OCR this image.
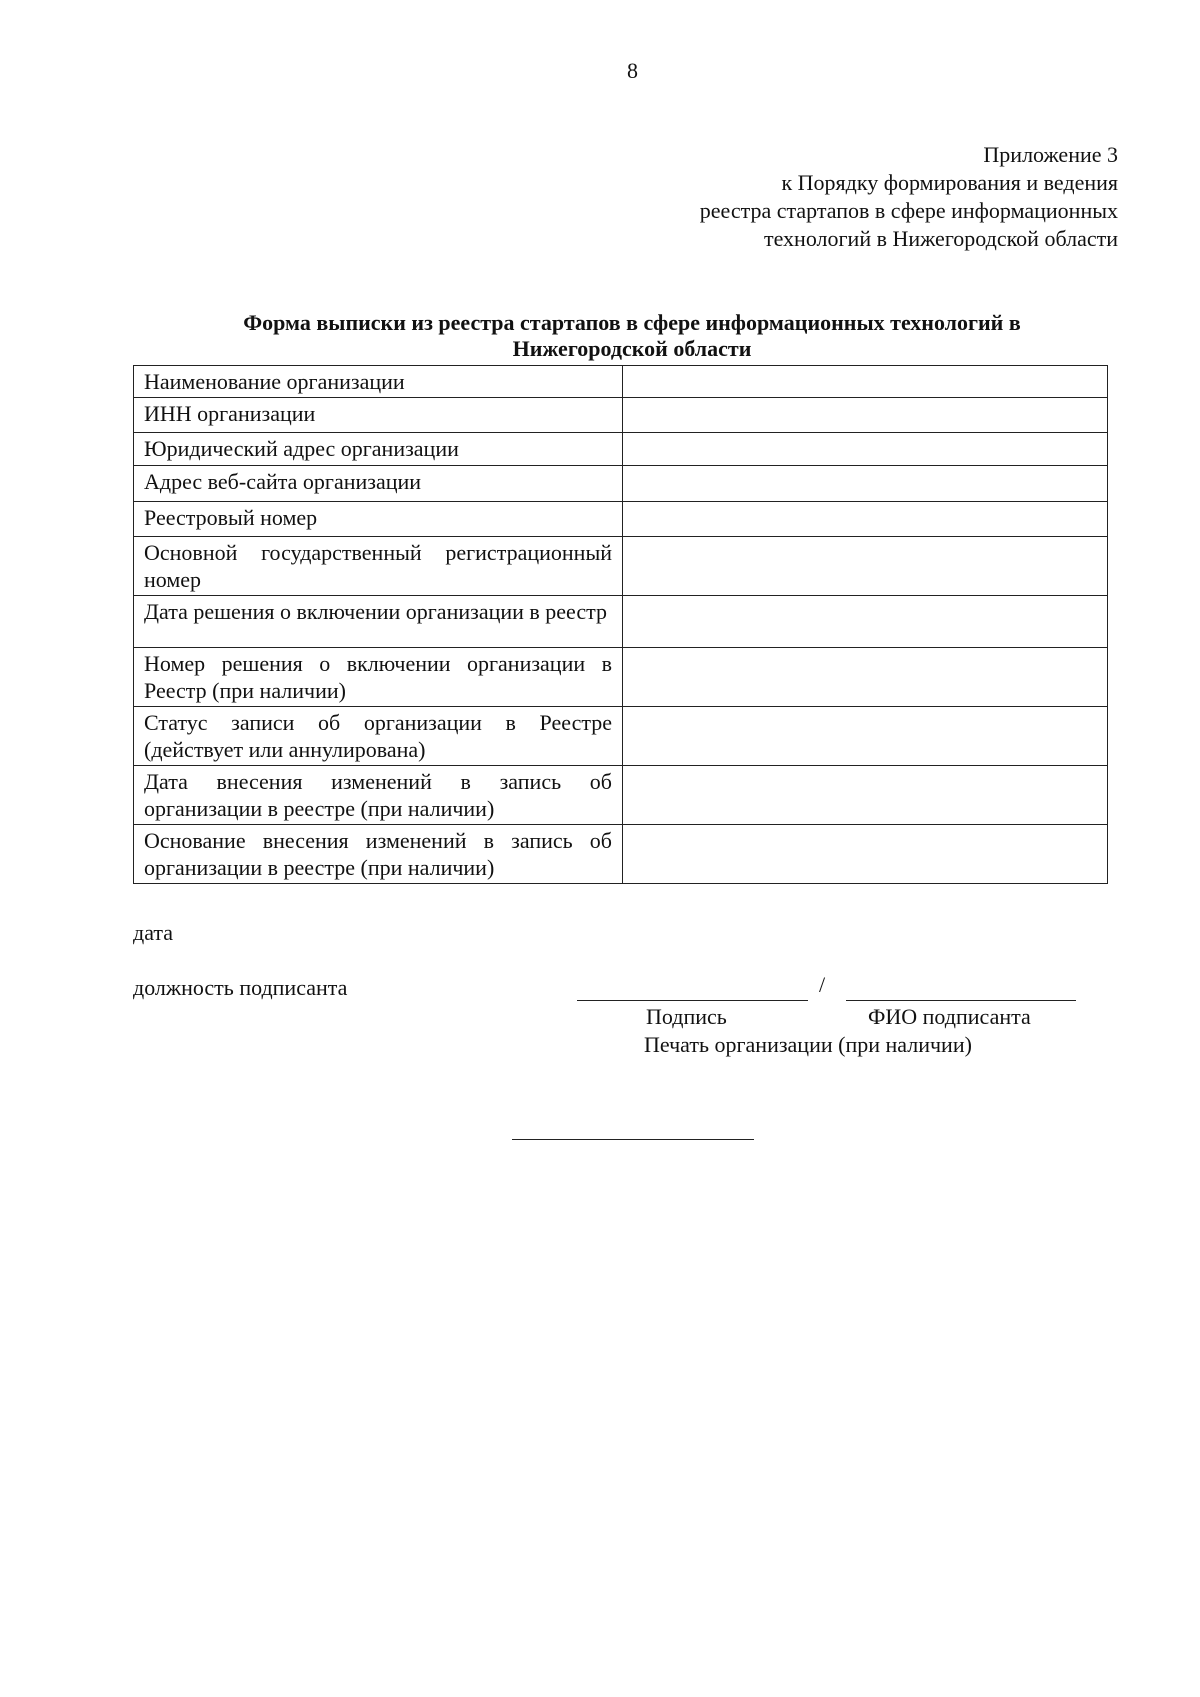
8
Приложение 3
к Порядку формирования и ведения
реестра стартапов в сфере информационных
технологий в Нижегородской области
Форма выписки из реестра стартапов в сфере информационных технологий в
Нижегородской области
Наименование организации	
ИНН организации	
Юридический адрес организации	
Адрес веб-сайта организации	
Реестровый номер	
Основной государственный регистрационный номер	
Дата решения о включении организации в реестр	
Номер решения о включении организации в Реестр (при наличии)	
Статус записи об организации в Реестре (действует или аннулирована)	
Дата внесения изменений в запись об организации в реестре (при наличии)	
Основание внесения изменений в запись об организации в реестре (при наличии)	
дата
должность подписанта	/
Подпись	ФИО подписанта
Печать организации (при наличии)
